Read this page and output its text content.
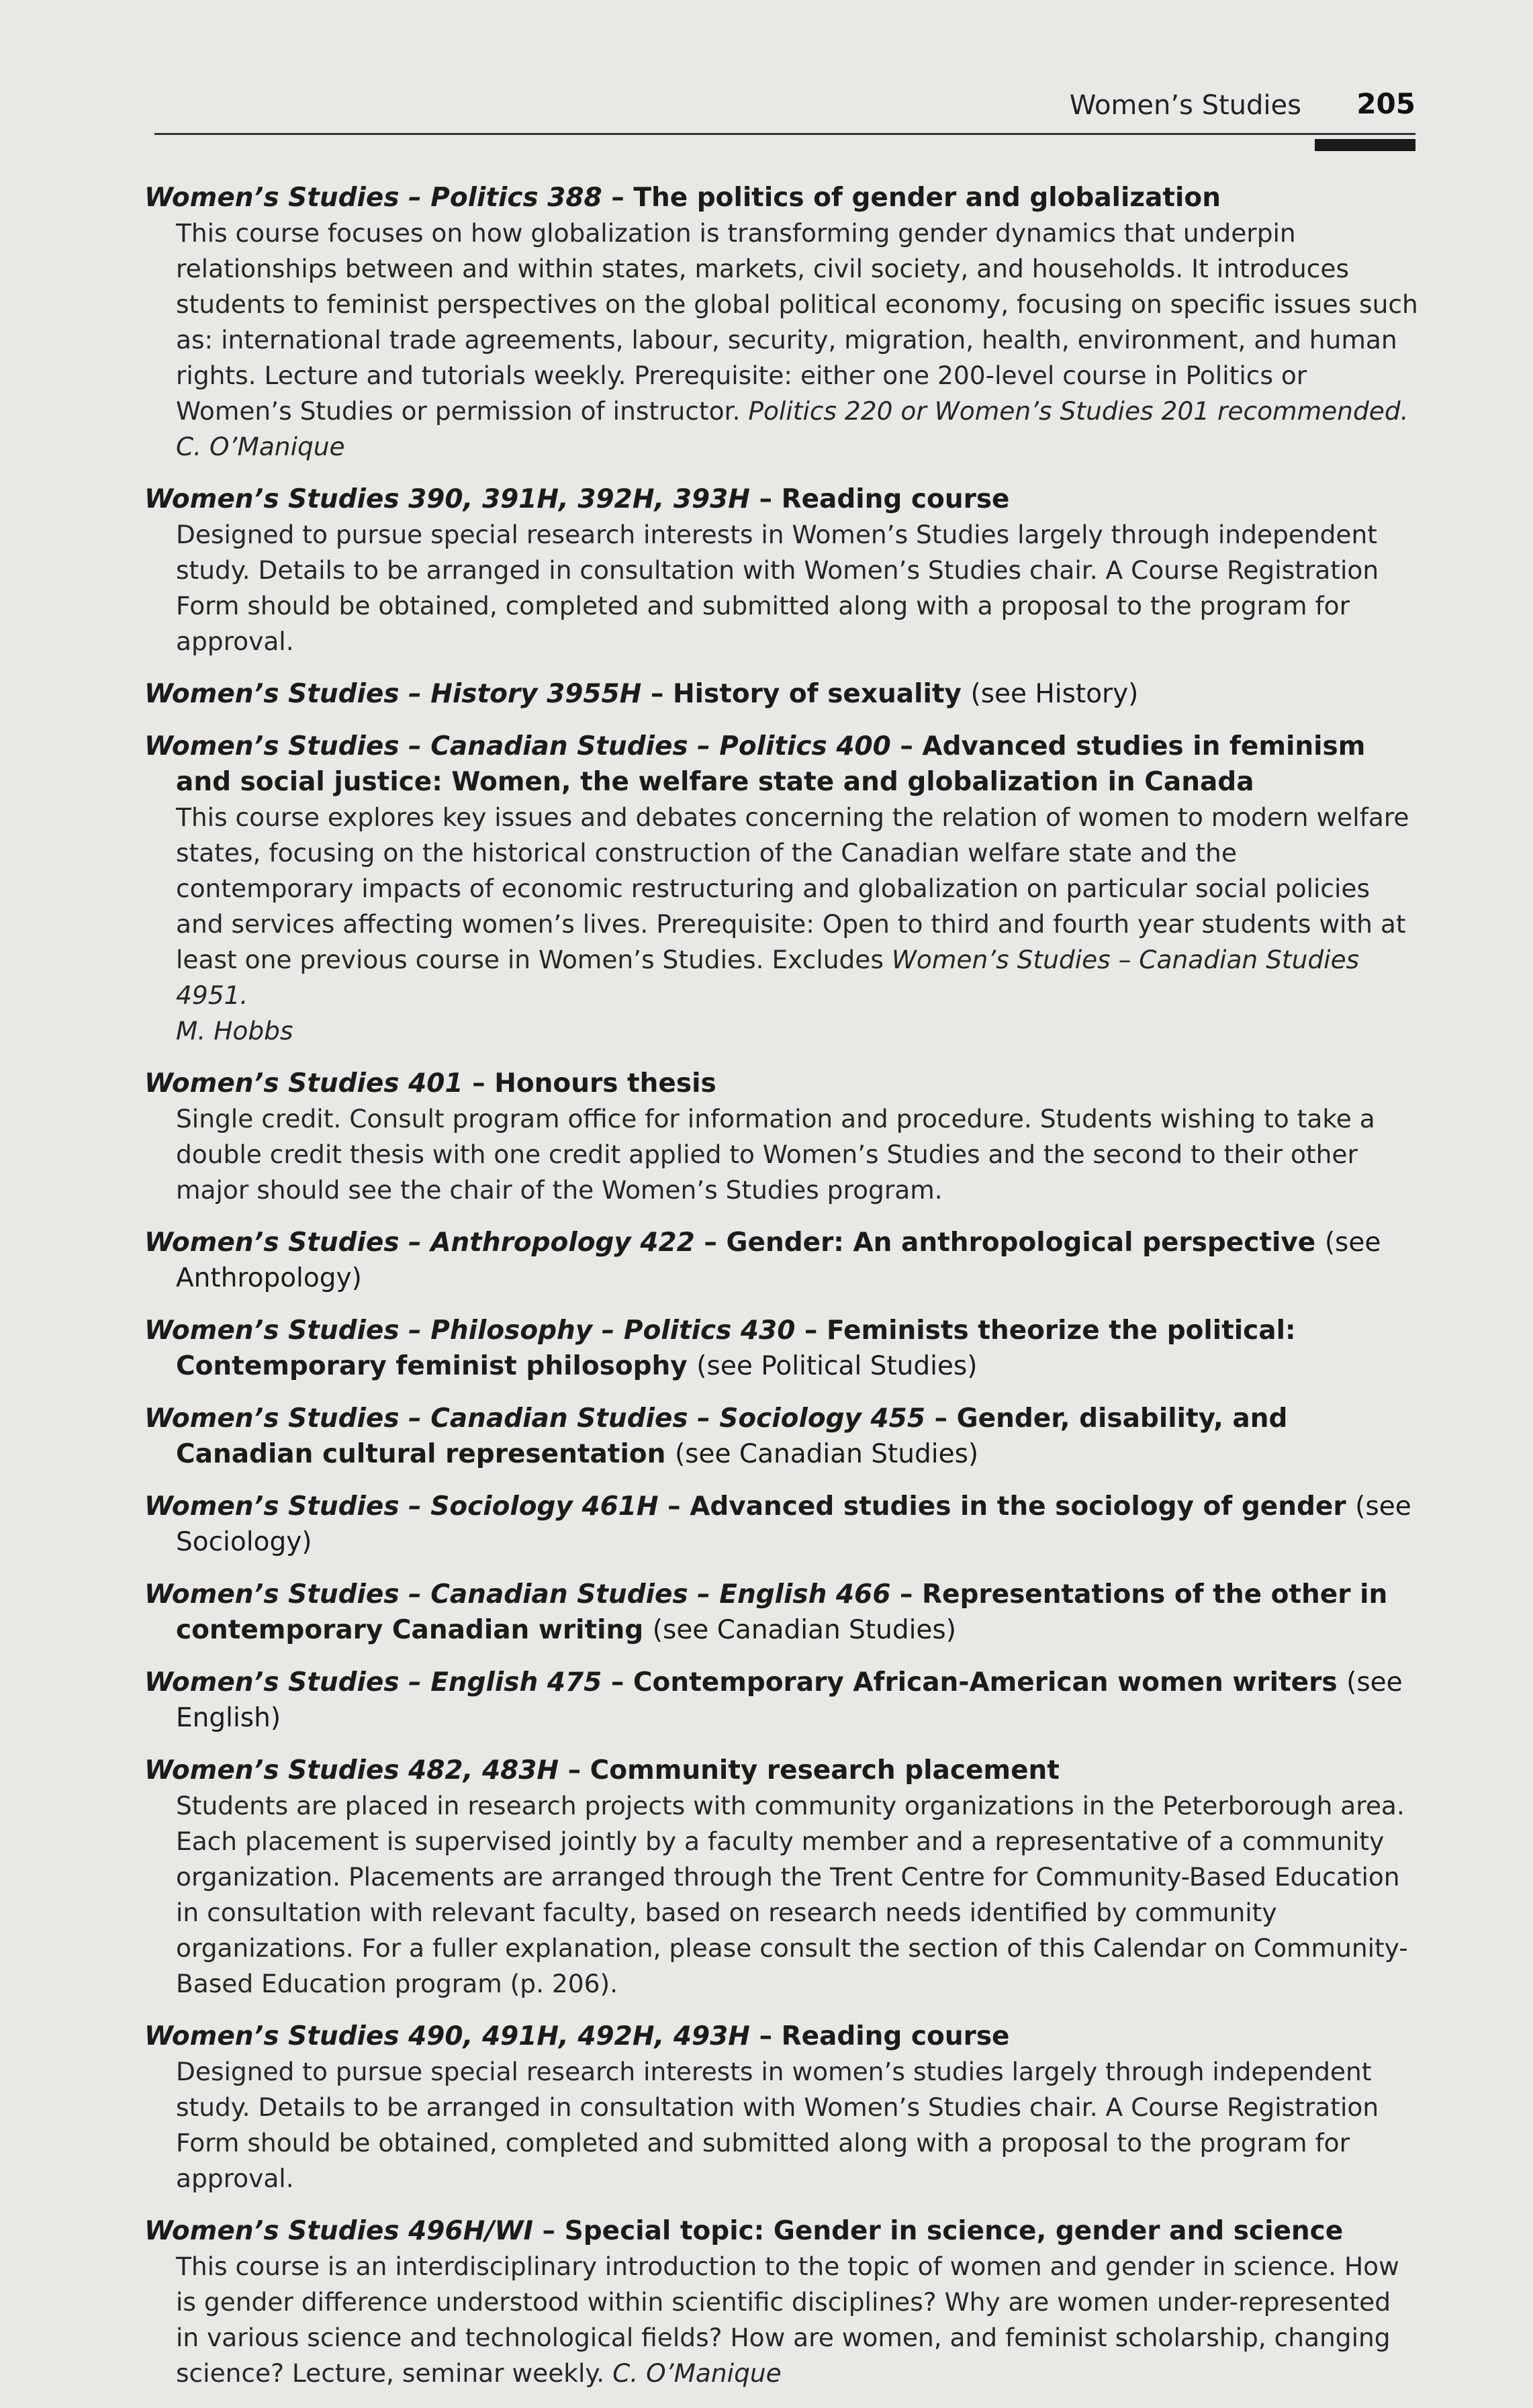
Women’s Studies 205
Women’s Studies – Politics 388 – The politics of gender and globalization
This course focuses on how globalization is transforming gender dynamics that underpin relationships between and within states, markets, civil society, and households. It introduces students to feminist perspectives on the global political economy, focusing on specific issues such as: international trade agreements, labour, security, migration, health, environment, and human rights. Lecture and tutorials weekly. Prerequisite: either one 200-level course in Politics or Women’s Studies or permission of instructor. Politics 220 or Women’s Studies 201 recommended.
C. O’Manique
Women’s Studies 390, 391H, 392H, 393H – Reading course
Designed to pursue special research interests in Women’s Studies largely through independent study. Details to be arranged in consultation with Women’s Studies chair. A Course Registration Form should be obtained, completed and submitted along with a proposal to the program for approval.
Women’s Studies – History 3955H – History of sexuality (see History)
Women’s Studies – Canadian Studies – Politics 400 – Advanced studies in feminism and social justice: Women, the welfare state and globalization in Canada
This course explores key issues and debates concerning the relation of women to modern welfare states, focusing on the historical construction of the Canadian welfare state and the contemporary impacts of economic restructuring and globalization on particular social policies and services affecting women’s lives. Prerequisite: Open to third and fourth year students with at least one previous course in Women’s Studies. Excludes Women’s Studies – Canadian Studies 4951.
M. Hobbs
Women’s Studies 401 – Honours thesis
Single credit. Consult program office for information and procedure. Students wishing to take a double credit thesis with one credit applied to Women’s Studies and the second to their other major should see the chair of the Women’s Studies program.
Women’s Studies – Anthropology 422 – Gender: An anthropological perspective (see Anthropology)
Women’s Studies – Philosophy – Politics 430 – Feminists theorize the political: Contemporary feminist philosophy (see Political Studies)
Women’s Studies – Canadian Studies – Sociology 455 – Gender, disability, and Canadian cultural representation (see Canadian Studies)
Women’s Studies – Sociology 461H – Advanced studies in the sociology of gender (see Sociology)
Women’s Studies – Canadian Studies – English 466 – Representations of the other in contemporary Canadian writing (see Canadian Studies)
Women’s Studies – English 475 – Contemporary African-American women writers (see English)
Women’s Studies 482, 483H – Community research placement
Students are placed in research projects with community organizations in the Peterborough area. Each placement is supervised jointly by a faculty member and a representative of a community organization. Placements are arranged through the Trent Centre for Community-Based Education in consultation with relevant faculty, based on research needs identified by community organizations. For a fuller explanation, please consult the section of this Calendar on Community-Based Education program (p. 206).
Women’s Studies 490, 491H, 492H, 493H – Reading course
Designed to pursue special research interests in women’s studies largely through independent study. Details to be arranged in consultation with Women’s Studies chair. A Course Registration Form should be obtained, completed and submitted along with a proposal to the program for approval.
Women’s Studies 496H/WI – Special topic: Gender in science, gender and science
This course is an interdisciplinary introduction to the topic of women and gender in science. How is gender difference understood within scientific disciplines? Why are women under-represented in various science and technological fields? How are women, and feminist scholarship, changing science? Lecture, seminar weekly. C. O’Manique
